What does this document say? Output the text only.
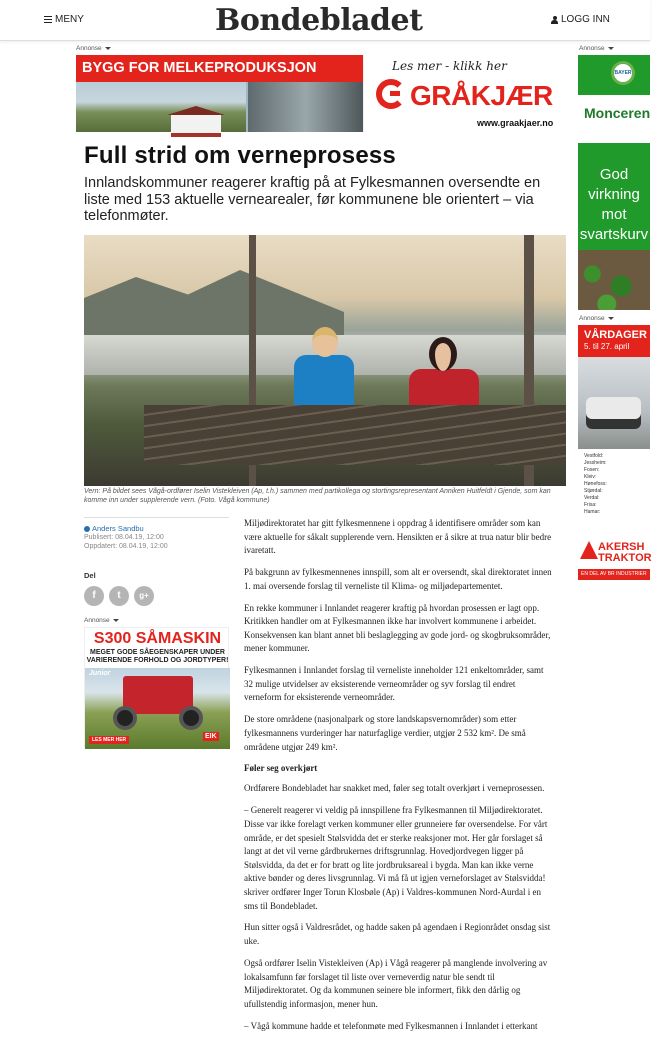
MENY	Bondebladet	LOGG INN
Annonse
BYGG FOR MELKEPRODUKSJON	Les mer - klikk her
GRÅKJÆR
www.graakjaer.no
Annonse
BAYER
Monceren
God virkning mot svartskurv
Annonse
VÅRDAGER
5. til 27. april
Vestfold:
Jessheim:
Fosen:
Kleiv:
Hønefoss:
Stjørdal:
Verdal:
Frisa:
Hamar:
AKERSH
TRAKTOR
EN DEL AV BR INDUSTRIER
Full strid om verneprosess
Innlandskommuner reagerer kraftig på at Fylkesmannen oversendte en liste med 153 aktuelle vernearealer, før kommunene ble orientert – via telefonmøter.
Vern: På bildet sees Vågå-ordfører Iselin Vistekleiven (Ap, t.h.) sammen med partikollega og stortingsrepresentant Anniken Huitfeldt i Gjende, som kan komme inn under supplerende vern. (Foto. Vågå kommune)
Anders Sandbu
Publisert: 08.04.19, 12:00
Oppdatert: 08.04.19, 12:00
Del
f	t	g+
Annonse
S300 SÅMASKIN
MEGET GODE SÅEGENSKAPER UNDER VARIERENDE FORHOLD OG JORDTYPER!
Junior
LES MER HER	EIK

Miljødirektoratet har gitt fylkesmennene i oppdrag å identifisere områder som kan være aktuelle for såkalt supplerende vern. Hensikten er å sikre at trua natur blir bedre ivaretatt.

På bakgrunn av fylkesmennenes innspill, som alt er oversendt, skal direktoratet innen 1. mai oversende forslag til verneliste til Klima- og miljødepartementet.

En rekke kommuner i Innlandet reagerer kraftig på hvordan prosessen er lagt opp. Kritikken handler om at Fylkesmannen ikke har involvert kommunene i arbeidet. Konsekvensen kan blant annet bli beslaglegging av gode jord- og skogbruksområder, mener kommuner.

Fylkesmannen i Innlandet forslag til verneliste inneholder 121 enkeltområder, samt 32 mulige utvidelser av eksisterende verneområder og syv forslag til endret verneform for eksisterende verneområder.

De store områdene (nasjonalpark og store landskapsvernområder) som etter fylkesmannens vurderinger har naturfaglige verdier, utgjør 2 532 km². De små områdene utgjør 249 km².

Føler seg overkjørt

Ordførere Bondebladet har snakket med, føler seg totalt overkjørt i verneprosessen.

– Generelt reagerer vi veldig på innspillene fra Fylkesmannen til Miljødirektoratet. Disse var ikke forelagt verken kommuner eller grunneiere før oversendelse. For vårt område, er det spesielt Stølsvidda det er sterke reaksjoner mot. Her går forslaget så langt at det vil verne gårdbrukernes driftsgrunnlag. Hovedjordvegen ligger på Stølsvidda, da det er for bratt og lite jordbruksareal i bygda. Man kan ikke verne aktive bønder og deres livsgrunnlag. Vi må få ut igjen verneforslaget av Stølsvidda! skriver ordfører Inger Torun Klosbøle (Ap) i Valdres-kommunen Nord-Aurdal i en sms til Bondebladet.

Hun sitter også i Valdresrådet, og hadde saken på agendaen i Regionrådet onsdag sist uke.

Også ordfører Iselin Vistekleiven (Ap) i Vågå reagerer på manglende involvering av lokalsamfunn før forslaget til liste over verneverdig natur ble sendt til Miljødirektoratet. Og da kommunen seinere ble informert, fikk den dårlig og ufullstendig informasjon, mener hun.

– Vågå kommune hadde et telefonmøte med Fylkesmannen i Innlandet i etterkant
